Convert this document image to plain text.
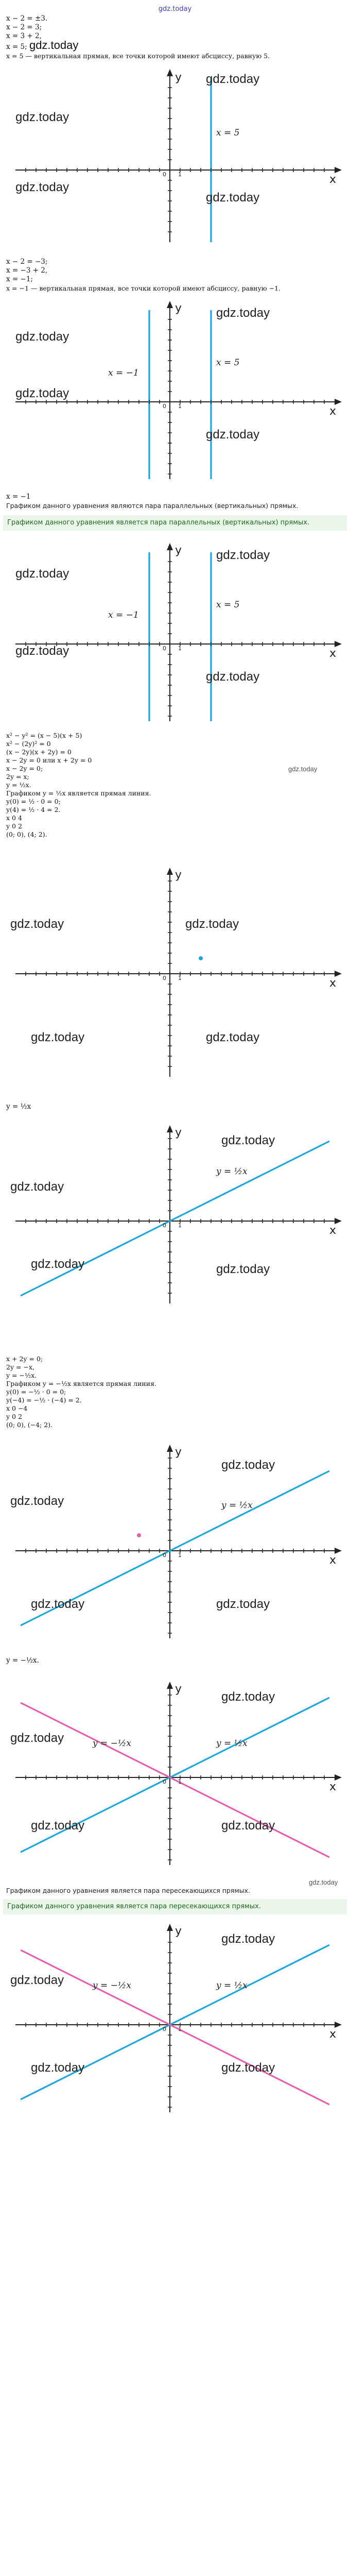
gdz.today
x − 2 = ±3.
x − 2 = 3;
x = 3 + 2,
x = 5; gdz.today
x = 5 — вертикальная прямая, все точки которой имеют абсциссу, равную 5.
gdz.today
gdz.today
gdz.today
gdz.today
y
x
0 1
x = 5
x − 2 = −3;
x = −3 + 2,
x = −1;
x = −1 — вертикальная прямая, все точки которой имеют абсциссу, равную −1.
gdz.today
gdz.today
gdz.today
gdz.today
y
x
0 1
x = −1
x = 5
x = −1
Графиком данного уравнения являются пара параллельных (вертикальных) прямых.
Графиком данного уравнения является пара параллельных (вертикальных) прямых.
gdz.today
gdz.today
gdz.today
gdz.today
y
x
0 1
x = −1
x = 5
x² − y² = (x − 5)(x + 5)
x² − (2y)² = 0
(x − 2y)(x + 2y) = 0
x − 2y = 0 или x + 2y = 0
x − 2y = 0;
2y = x;
y = ½x.
Графиком y = ½x является прямая линия.
y(0) = ½ · 0 = 0;
y(4) = ½ · 4 = 2.
x 0 4
y 0 2
(0; 0), (4; 2).
gdz.today
gdz.today	gdz.today
gdz.today	gdz.today
y
x
0 1
y = ½x
gdz.today
gdz.today
gdz.today	gdz.today
y
x
0 1
y = ½x
x + 2y = 0;
2y = −x,
y = −½x.
Графиком y = −½x является прямая линия.
y(0) = −½ · 0 = 0;
y(−4) = −½ · (−4) = 2.
x 0 −4
y 0 2
(0; 0), (−4; 2).
gdz.today
gdz.today
gdz.today	gdz.today
y
x
0 1
y = ½x
y = −½x.
gdz.today
gdz.today
gdz.today	gdz.today
y
x
0 1
y = −½x	y = ½x
gdz.today
Графиком данного уравнения является пара пересекающихся прямых.
Графиком данного уравнения является пара пересекающихся прямых.
gdz.today
gdz.today
gdz.today	gdz.today
y
x
0 1
y = −½x	y = ½x
